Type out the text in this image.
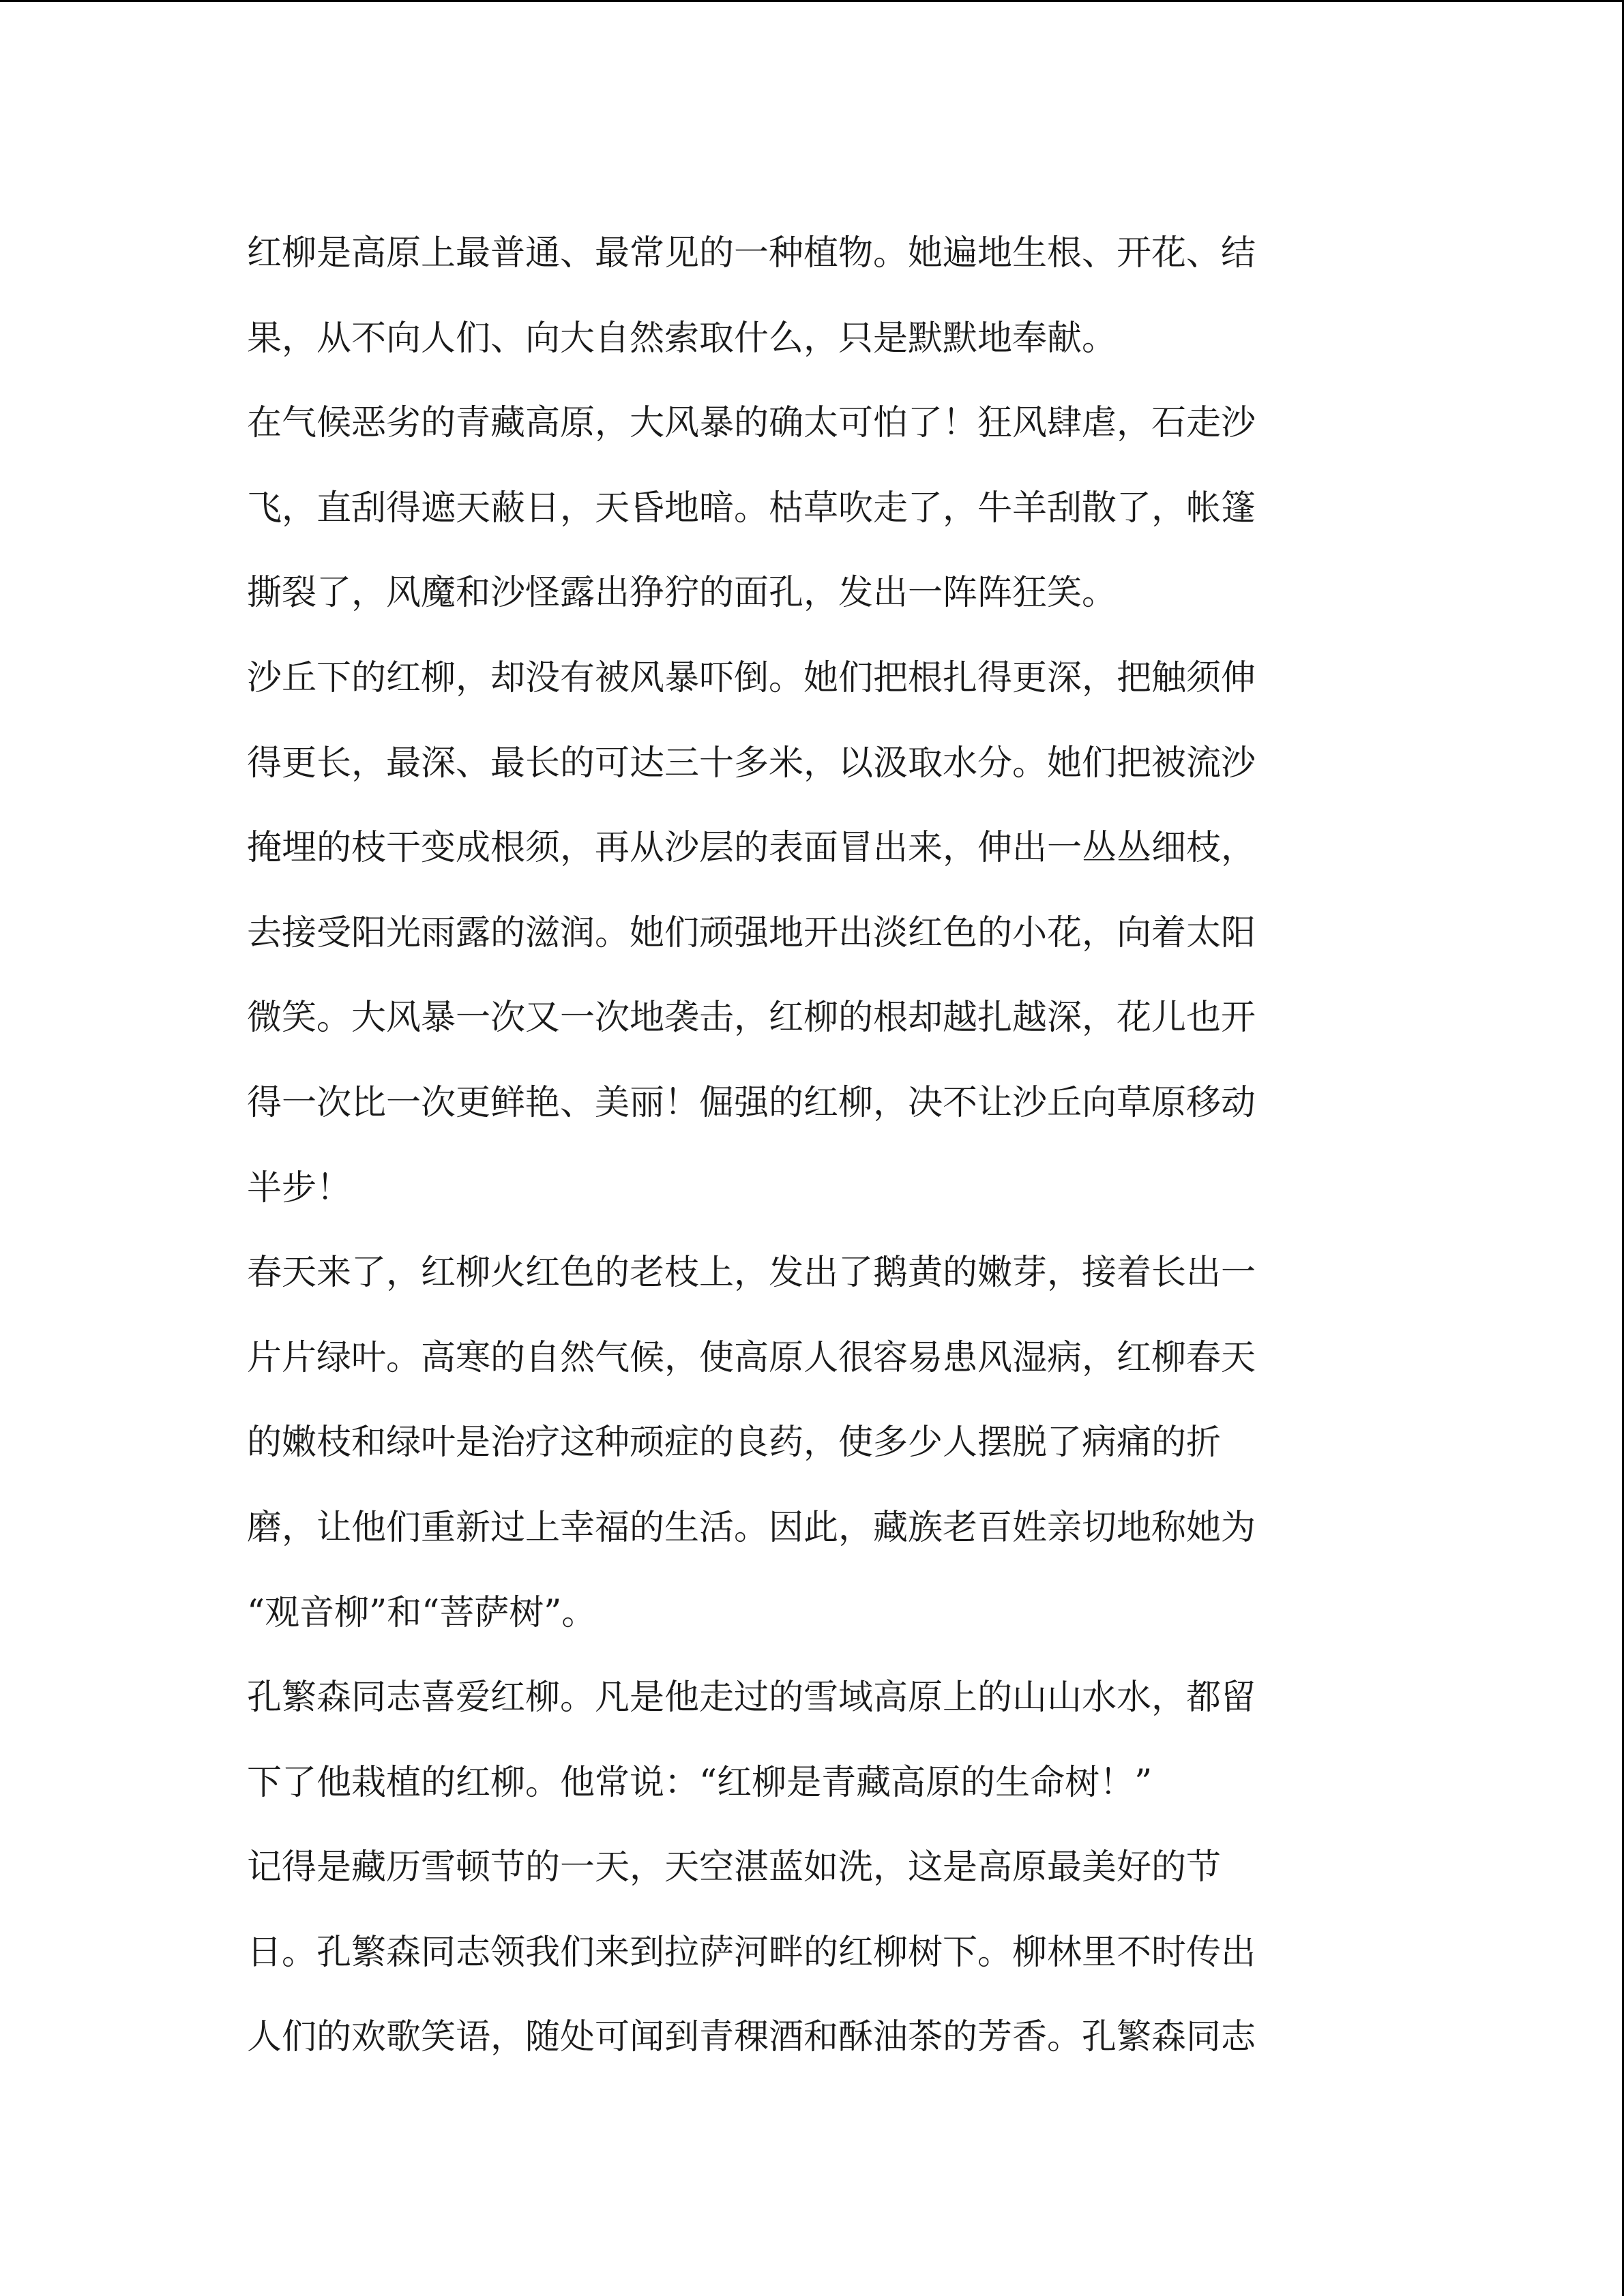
红柳是高原上最普通、最常见的一种植物。她遍地生根、开花、结
果，从不向人们、向大自然索取什么，只是默默地奉献。

在气候恶劣的青藏高原，大风暴的确太可怕了！狂风肆虐，石走沙
飞，直刮得遮天蔽日，天昏地暗。枯草吹走了，牛羊刮散了，帐篷
撕裂了，风魔和沙怪露出狰狞的面孔，发出一阵阵狂笑。

沙丘下的红柳，却没有被风暴吓倒。她们把根扎得更深，把触须伸
得更长，最深、最长的可达三十多米，以汲取水分。她们把被流沙
掩埋的枝干变成根须，再从沙层的表面冒出来，伸出一丛丛细枝，
去接受阳光雨露的滋润。她们顽强地开出淡红色的小花，向着太阳
微笑。大风暴一次又一次地袭击，红柳的根却越扎越深，花儿也开
得一次比一次更鲜艳、美丽！倔强的红柳，决不让沙丘向草原移动
半步！

春天来了，红柳火红色的老枝上，发出了鹅黄的嫩芽，接着长出一
片片绿叶。高寒的自然气候，使高原人很容易患风湿病，红柳春天
的嫩枝和绿叶是治疗这种顽症的良药，使多少人摆脱了病痛的折
磨，让他们重新过上幸福的生活。因此，藏族老百姓亲切地称她为
“观音柳”和“菩萨树”。

孔繁森同志喜爱红柳。凡是他走过的雪域高原上的山山水水，都留
下了他栽植的红柳。他常说：“红柳是青藏高原的生命树！”

记得是藏历雪顿节的一天，天空湛蓝如洗，这是高原最美好的节
日。孔繁森同志领我们来到拉萨河畔的红柳树下。柳林里不时传出
人们的欢歌笑语，随处可闻到青稞酒和酥油茶的芳香。孔繁森同志
